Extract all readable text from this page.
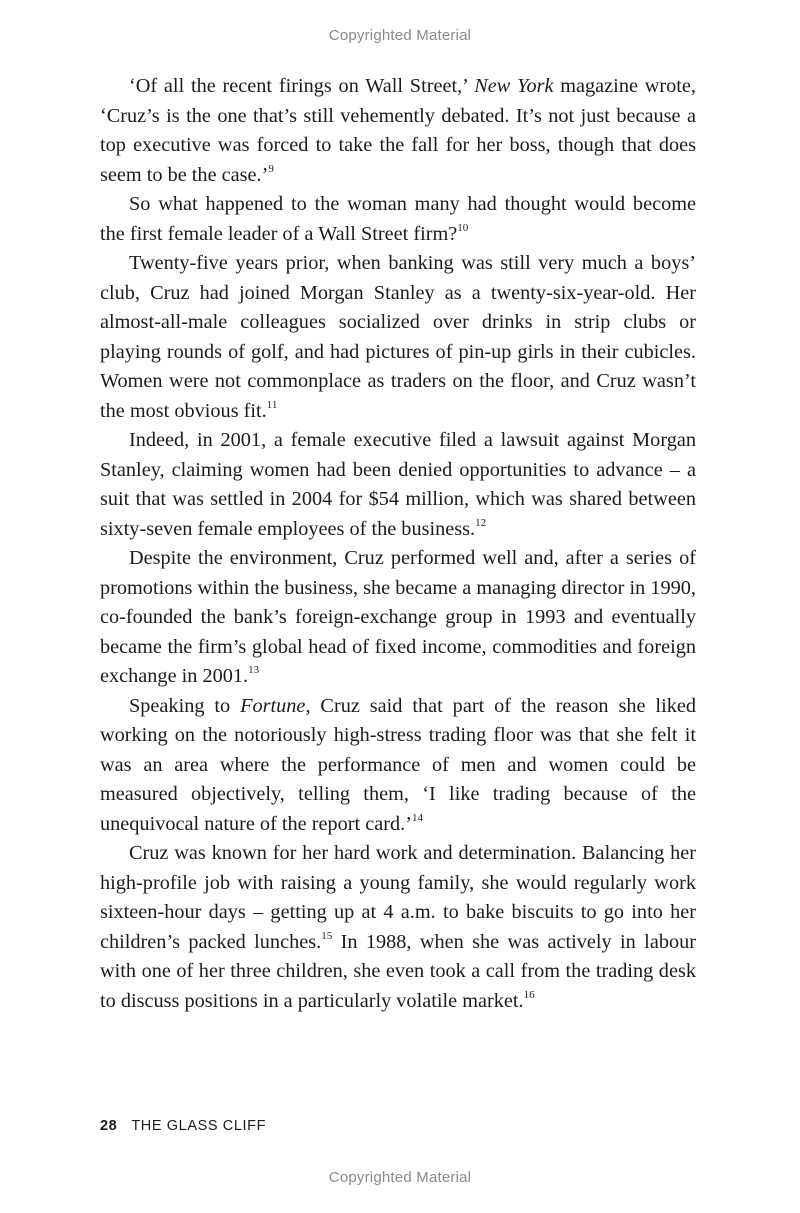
Copyrighted Material

‘Of all the recent firings on Wall Street,’ New York magazine wrote, ‘Cruz’s is the one that’s still vehemently debated. It’s not just because a top executive was forced to take the fall for her boss, though that does seem to be the case.’$^9$

So what happened to the woman many had thought would become the first female leader of a Wall Street firm?$^{10}$

Twenty-five years prior, when banking was still very much a boys’ club, Cruz had joined Morgan Stanley as a twenty-six-year-old. Her almost-all-male colleagues socialized over drinks in strip clubs or playing rounds of golf, and had pictures of pin-up girls in their cubicles. Women were not commonplace as traders on the floor, and Cruz wasn’t the most obvious fit.$^{11}$

Indeed, in 2001, a female executive filed a lawsuit against Morgan Stanley, claiming women had been denied opportunities to advance – a suit that was settled in 2004 for $54 million, which was shared between sixty-seven female employees of the business.$^{12}$

Despite the environment, Cruz performed well and, after a series of promotions within the business, she became a managing director in 1990, co-founded the bank’s foreign-exchange group in 1993 and eventually became the firm’s global head of fixed income, commodities and foreign exchange in 2001.13

Speaking to Fortune, Cruz said that part of the reason she liked working on the notoriously high-stress trading floor was that she felt it was an area where the performance of men and women could be measured objectively, telling them, ‘I like trading because of the unequivocal nature of the report card.’$^{14}$

Cruz was known for her hard work and determination. Balancing her high-profile job with raising a young family, she would regularly work sixteen-hour days – getting up at 4 a.m. to bake biscuits to go into her children’s packed lunches.$^{15}$ In 1988, when she was actively in labour with one of her three children, she even took a call from the trading desk to discuss positions in a particularly volatile market.$^{16}$

28 THE GLASS CLIFF
Copyrighted Material
